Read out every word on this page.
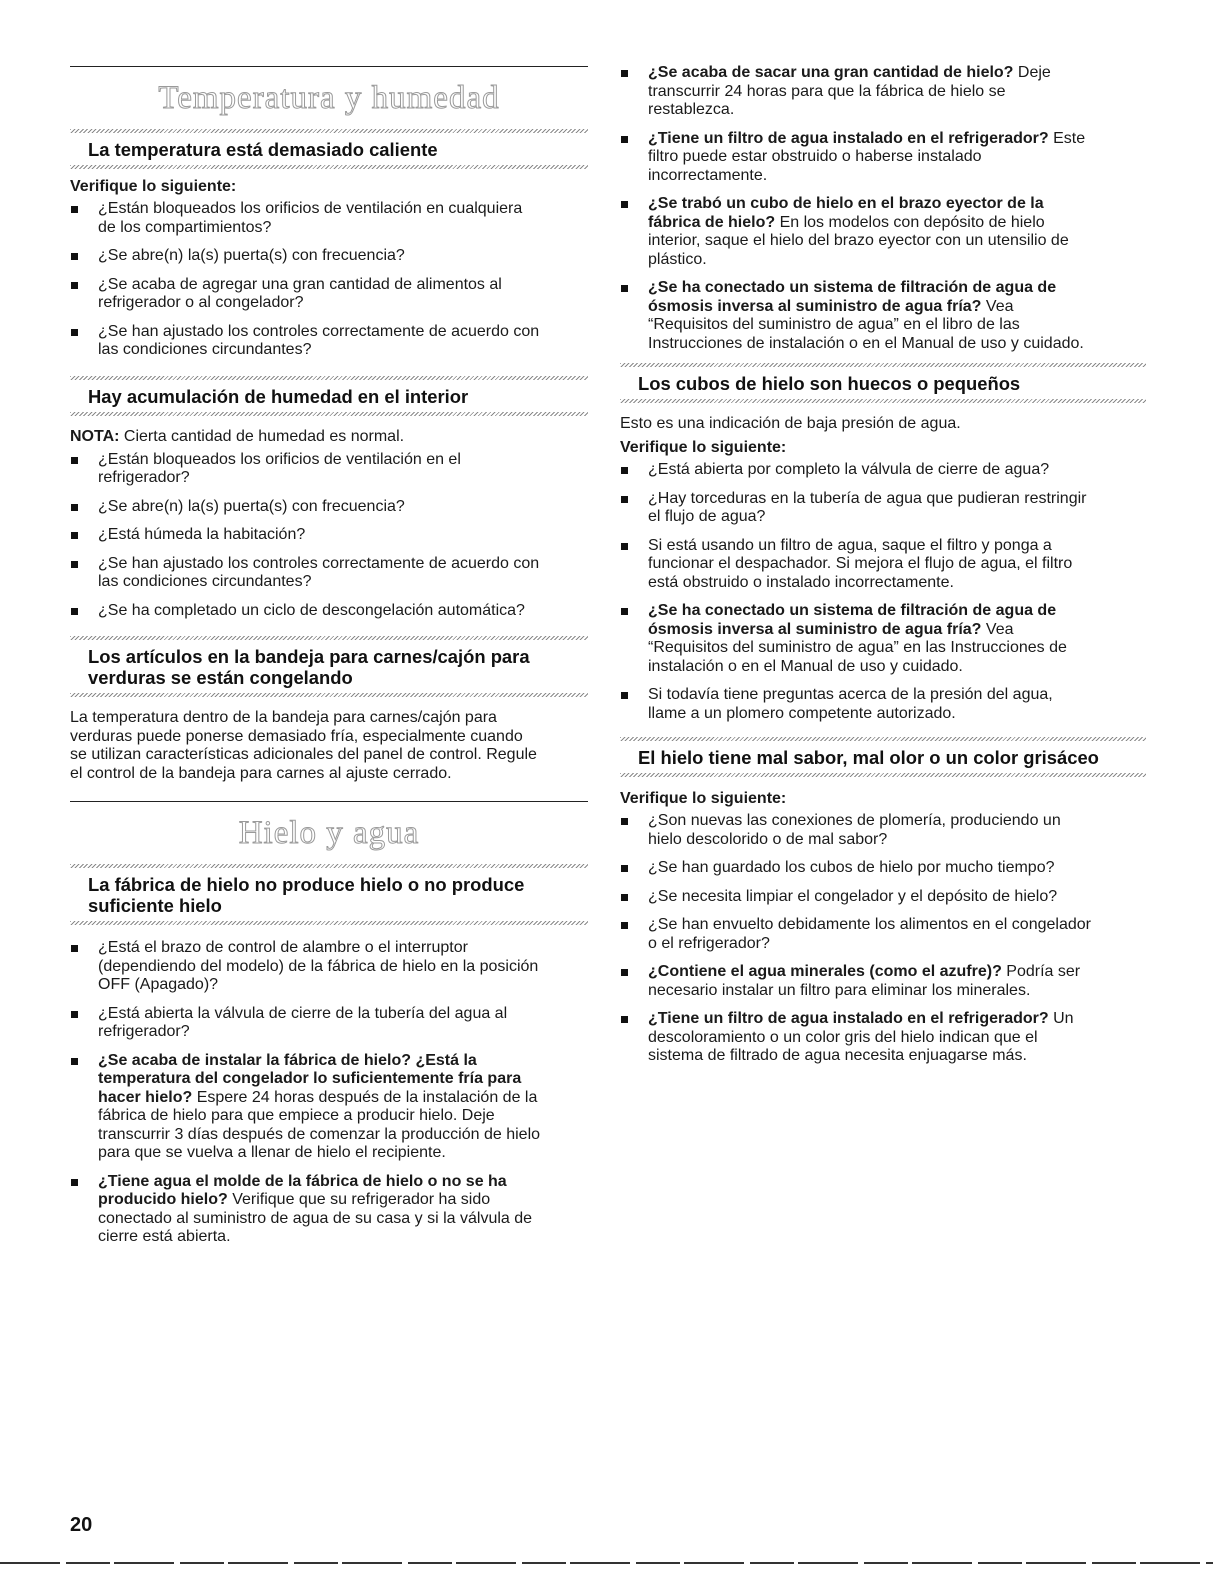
Temperatura y humedad
La temperatura está demasiado caliente
Verifique lo siguiente:
¿Están bloqueados los orificios de ventilación en cualquiera
de los compartimientos?
¿Se abre(n) la(s) puerta(s) con frecuencia?
¿Se acaba de agregar una gran cantidad de alimentos al
refrigerador o al congelador?
¿Se han ajustado los controles correctamente de acuerdo con
las condiciones circundantes?
Hay acumulación de humedad en el interior
NOTA: Cierta cantidad de humedad es normal.
¿Están bloqueados los orificios de ventilación en el
refrigerador?
¿Se abre(n) la(s) puerta(s) con frecuencia?
¿Está húmeda la habitación?
¿Se han ajustado los controles correctamente de acuerdo con
las condiciones circundantes?
¿Se ha completado un ciclo de descongelación automática?
Los artículos en la bandeja para carnes/cajón para
verduras se están congelando
La temperatura dentro de la bandeja para carnes/cajón para
verduras puede ponerse demasiado fría, especialmente cuando
se utilizan características adicionales del panel de control. Regule
el control de la bandeja para carnes al ajuste cerrado.
Hielo y agua
La fábrica de hielo no produce hielo o no produce
suficiente hielo
¿Está el brazo de control de alambre o el interruptor
(dependiendo del modelo) de la fábrica de hielo en la posición
OFF (Apagado)?
¿Está abierta la válvula de cierre de la tubería del agua al
refrigerador?
¿Se acaba de instalar la fábrica de hielo? ¿Está la
temperatura del congelador lo suficientemente fría para
hacer hielo? Espere 24 horas después de la instalación de la
fábrica de hielo para que empiece a producir hielo. Deje
transcurrir 3 días después de comenzar la producción de hielo
para que se vuelva a llenar de hielo el recipiente.
¿Tiene agua el molde de la fábrica de hielo o no se ha
producido hielo? Verifique que su refrigerador ha sido
conectado al suministro de agua de su casa y si la válvula de
cierre está abierta.
¿Se acaba de sacar una gran cantidad de hielo? Deje
transcurrir 24 horas para que la fábrica de hielo se
restablezca.
¿Tiene un filtro de agua instalado en el refrigerador? Este
filtro puede estar obstruido o haberse instalado
incorrectamente.
¿Se trabó un cubo de hielo en el brazo eyector de la
fábrica de hielo? En los modelos con depósito de hielo
interior, saque el hielo del brazo eyector con un utensilio de
plástico.
¿Se ha conectado un sistema de filtración de agua de
ósmosis inversa al suministro de agua fría? Vea
“Requisitos del suministro de agua” en el libro de las
Instrucciones de instalación o en el Manual de uso y cuidado.
Los cubos de hielo son huecos o pequeños
Esto es una indicación de baja presión de agua.
Verifique lo siguiente:
¿Está abierta por completo la válvula de cierre de agua?
¿Hay torceduras en la tubería de agua que pudieran restringir
el flujo de agua?
Si está usando un filtro de agua, saque el filtro y ponga a
funcionar el despachador. Si mejora el flujo de agua, el filtro
está obstruido o instalado incorrectamente.
¿Se ha conectado un sistema de filtración de agua de
ósmosis inversa al suministro de agua fría? Vea
“Requisitos del suministro de agua” en las Instrucciones de
instalación o en el Manual de uso y cuidado.
Si todavía tiene preguntas acerca de la presión del agua,
llame a un plomero competente autorizado.
El hielo tiene mal sabor, mal olor o un color grisáceo
Verifique lo siguiente:
¿Son nuevas las conexiones de plomería, produciendo un
hielo descolorido o de mal sabor?
¿Se han guardado los cubos de hielo por mucho tiempo?
¿Se necesita limpiar el congelador y el depósito de hielo?
¿Se han envuelto debidamente los alimentos en el congelador
o el refrigerador?
¿Contiene el agua minerales (como el azufre)? Podría ser
necesario instalar un filtro para eliminar los minerales.
¿Tiene un filtro de agua instalado en el refrigerador? Un
descoloramiento o un color gris del hielo indican que el
sistema de filtrado de agua necesita enjuagarse más.
20
